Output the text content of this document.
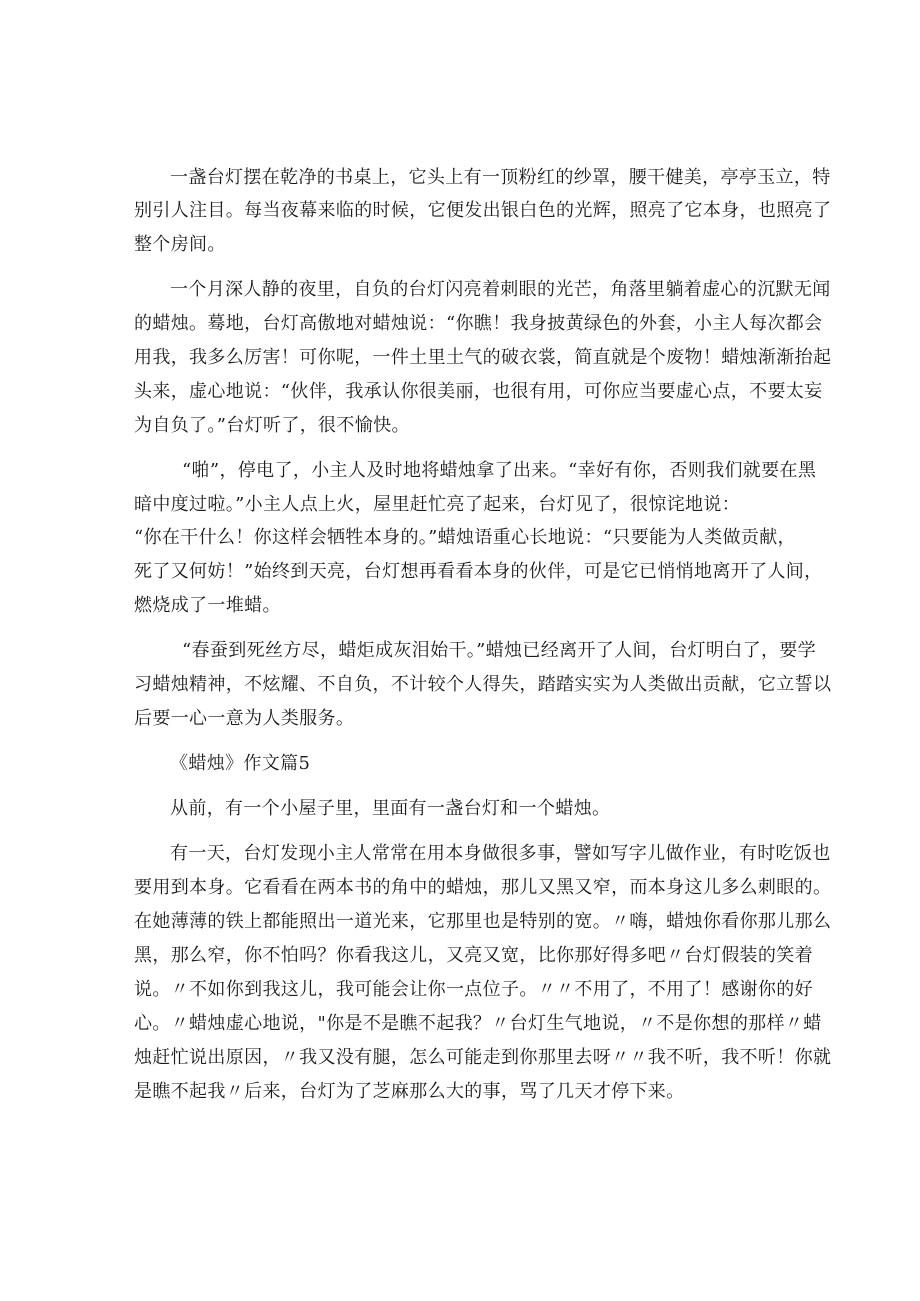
一盏台灯摆在乾净的书桌上，它头上有一顶粉红的纱罩，腰干健美，亭亭玉立，特
别引人注目。每当夜幕来临的时候，它便发出银白色的光辉，照亮了它本身，也照亮了
整个房间。
一个月深人静的夜里，自负的台灯闪亮着刺眼的光芒，角落里躺着虚心的沉默无闻
的蜡烛。蓦地，台灯高傲地对蜡烛说：“你瞧！我身披黄绿色的外套，小主人每次都会
用我，我多么厉害！可你呢，一件土里土气的破衣裳，简直就是个废物！蜡烛渐渐抬起
头来，虚心地说：“伙伴，我承认你很美丽，也很有用，可你应当要虚心点，不要太妄
为自负了。”台灯听了，很不愉快。
“啪”，停电了，小主人及时地将蜡烛拿了出来。“幸好有你，否则我们就要在黑
暗中度过啦。”小主人点上火，屋里赶忙亮了起来，台灯见了，很惊诧地说：
“你在干什么！你这样会牺牲本身的。”蜡烛语重心长地说：“只要能为人类做贡献，
死了又何妨！”始终到天亮，台灯想再看看本身的伙伴，可是它已悄悄地离开了人间，
燃烧成了一堆蜡。
“春蚕到死丝方尽，蜡炬成灰泪始干。”蜡烛已经离开了人间，台灯明白了，要学
习蜡烛精神，不炫耀、不自负，不计较个人得失，踏踏实实为人类做出贡献，它立誓以
后要一心一意为人类服务。
《蜡烛》作文篇5
从前，有一个小屋子里，里面有一盏台灯和一个蜡烛。
有一天，台灯发现小主人常常在用本身做很多事，譬如写字儿做作业，有时吃饭也
要用到本身。它看看在两本书的角中的蜡烛，那儿又黑又窄，而本身这儿多么刺眼的。
在她薄薄的铁上都能照出一道光来，它那里也是特别的宽。〃嗨，蜡烛你看你那儿那么
黑，那么窄，你不怕吗？你看我这儿，又亮又宽，比你那好得多吧〃台灯假装的笑着
说。〃不如你到我这儿，我可能会让你一点位子。〃〃不用了，不用了！感谢你的好
心。〃蜡烛虚心地说，"你是不是瞧不起我？〃台灯生气地说，〃不是你想的那样〃蜡
烛赶忙说出原因，〃我又没有腿，怎么可能走到你那里去呀〃〃我不听，我不听！你就
是瞧不起我〃后来，台灯为了芝麻那么大的事，骂了几天才停下来。
